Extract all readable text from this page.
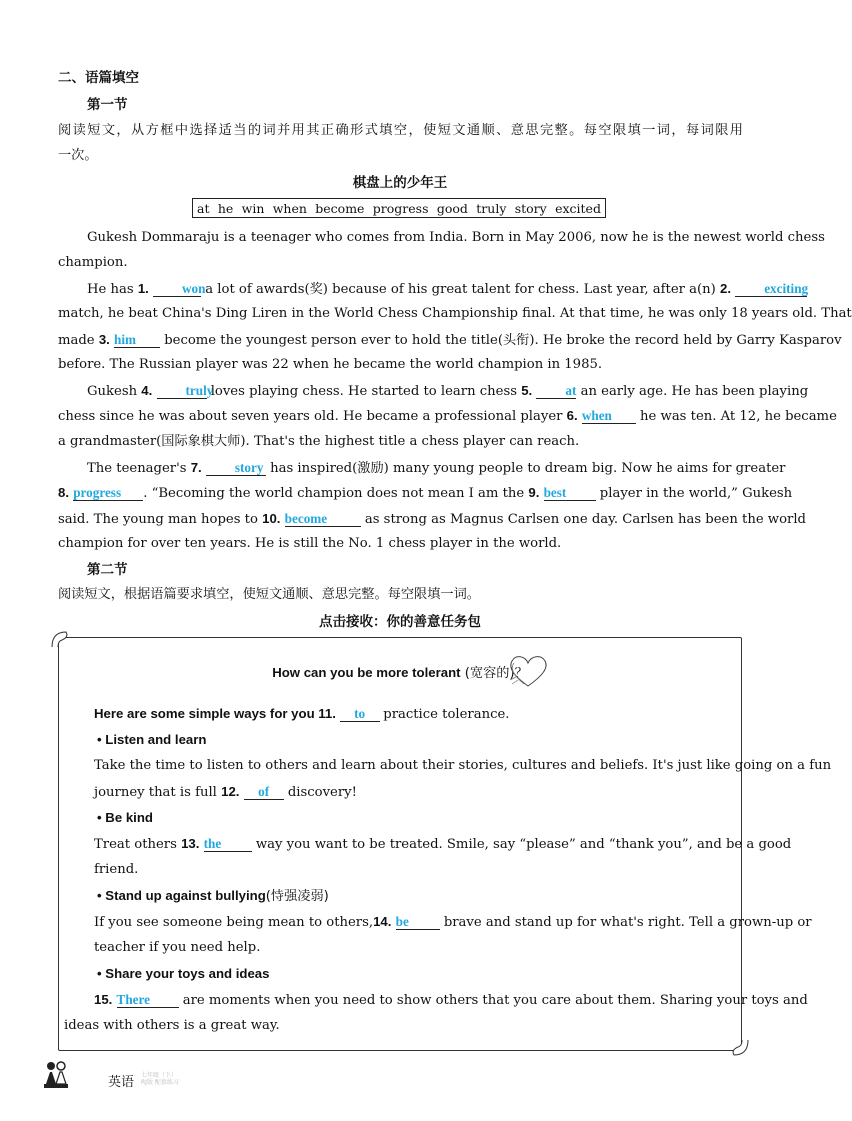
二、语篇填空
第一节
阅读短文，从方框中选择适当的词并用其正确形式填空，使短文通顺、意思完整。每空限填一词，每词限用
一次。
棋盘上的少年王
at he win when become progress good truly story excited
Gukesh Dommaraju is a teenager who comes from India. Born in May 2006, now he is the newest world chess
champion.
He has 1.	won a lot of awards(奖) because of his great talent for chess. Last year, after a(n) 2.	exciting
match, he beat China's Ding Liren in the World Chess Championship final. At that time, he was only 18 years old. That
made 3. him become the youngest person ever to hold the title(头衔). He broke the record held by Garry Kasparov
before. The Russian player was 22 when he became the world champion in 1985.
Gukesh 4.	truly loves playing chess. He started to learn chess 5.	at an early age. He has been playing
chess since he was about seven years old. He became a professional player 6. when he was ten. At 12, he became
a grandmaster(国际象棋大师). That's the highest title a chess player can reach.
The teenager's 7.	story has inspired(激励) many young people to dream big. Now he aims for greater
8. progress . “Becoming the world champion does not mean I am the 9. best	player in the world,” Gukesh
said. The young man hopes to 10. become	as strong as Magnus Carlsen one day. Carlsen has been the world
champion for over ten years. He is still the No. 1 chess player in the world.
第二节
阅读短文，根据语篇要求填空，使短文通顺、意思完整。每空限填一词。
点击接收：你的善意任务包
How can you be more tolerant (宽容的)？
Here are some simple ways for you 11. to practice tolerance.
• Listen and learn
Take the time to listen to others and learn about their stories, cultures and beliefs. It's just like going on a fun
journey that is full 12. of discovery!
• Be kind
Treat others 13. the	way you want to be treated. Smile, say “please” and “thank you”, and be a good
friend.
• Stand up against bullying(恃强凌弱)
If you see someone being mean to others,14. be	brave and stand up for what's right. Tell a grown-up or
teacher if you need help.
• Share your toys and ideas
15. There are moments when you need to show others that you care about them. Sharing your toys and
ideas with others is a great way.
英语 七年级（下）
RJ版 配套练习
